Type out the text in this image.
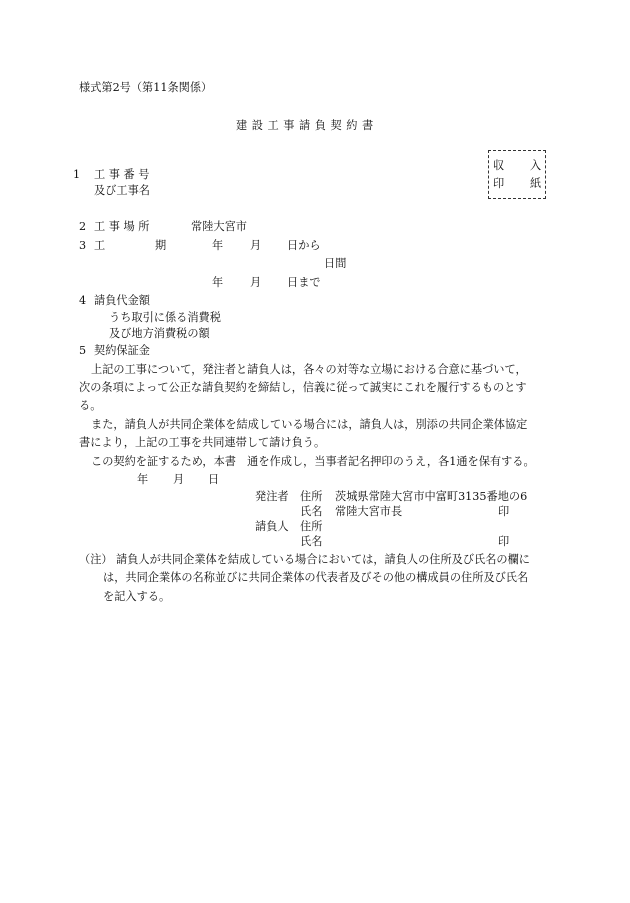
様式第2号（第11条関係）
建 設 工 事 請 負 契 約 書
収 入
印 紙
1 工 事 番 号
及び工事名
2 工 事 場 所	常陸大宮市
3 工	期	年 月 日から
日間
年 月 日まで
4 請負代金額
うち取引に係る消費税
及び地方消費税の額
5 契約保証金
上記の工事について，発注者と請負人は，各々の対等な立場における合意に基づいて，
次の条項によって公正な請負契約を締結し，信義に従って誠実にこれを履行するものとす
る。
また，請負人が共同企業体を結成している場合には，請負人は，別添の共同企業体協定
書により，上記の工事を共同連帯して請け負う。
この契約を証するため，本書　通を作成し，当事者記名押印のうえ，各1通を保有する。
年 月 日
発注者 住所 茨城県常陸大宮市中富町3135番地の6
氏名 常陸大宮市長	印
請負人 住所
氏名	印
（注） 請負人が共同企業体を結成している場合においては，請負人の住所及び氏名の欄に
は，共同企業体の名称並びに共同企業体の代表者及びその他の構成員の住所及び氏名
を記入する。
